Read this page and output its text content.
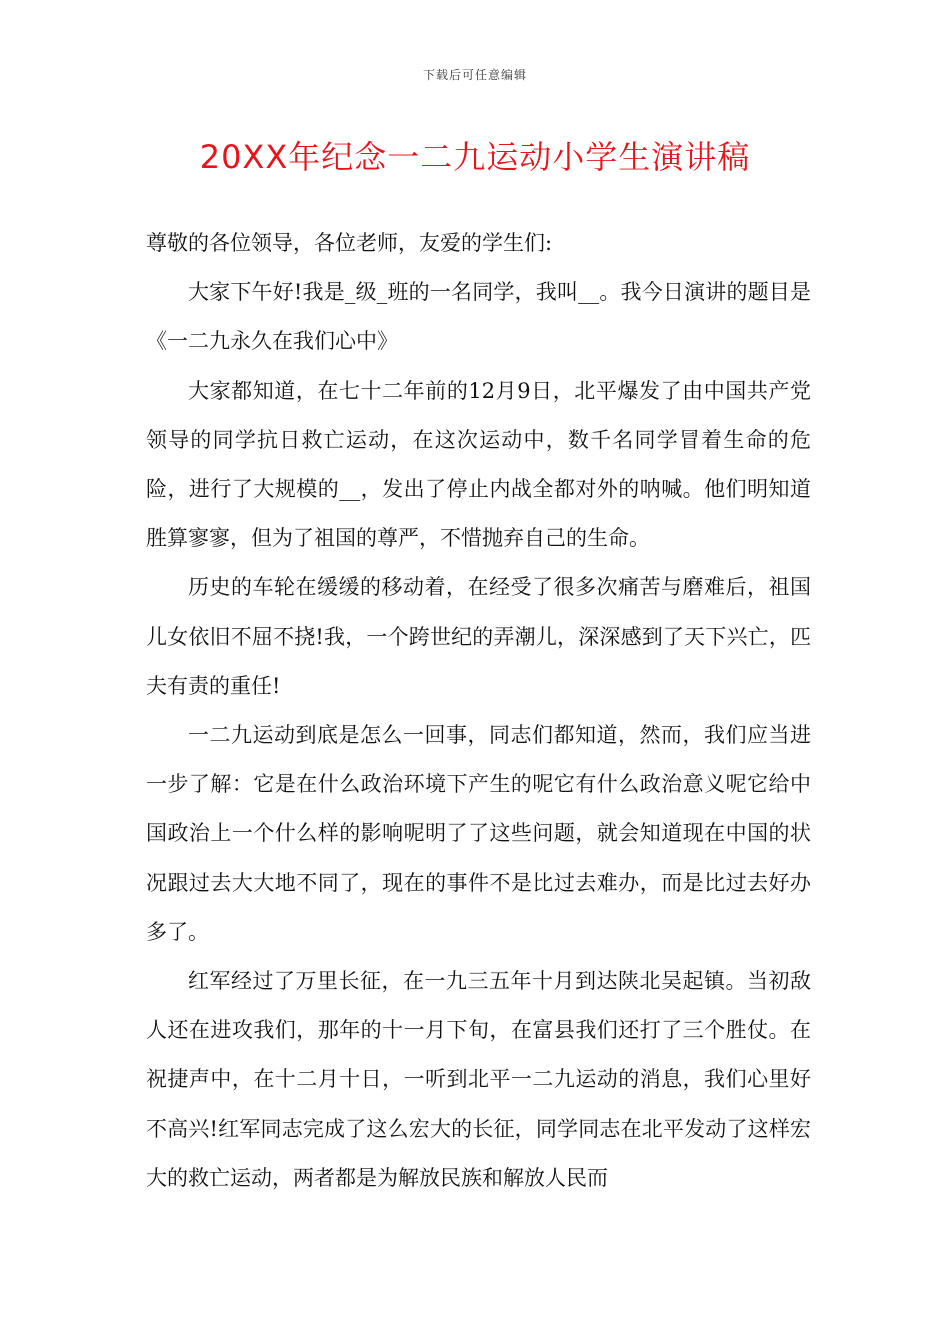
下载后可任意编辑
20XX年纪念一二九运动小学生演讲稿

尊敬的各位领导，各位老师，友爱的学生们:

大家下午好!我是_级_班的一名同学，我叫__。我今日演讲的题目是《一二九永久在我们心中》

大家都知道，在七十二年前的12月9日，北平爆发了由中国共产党领导的同学抗日救亡运动，在这次运动中，数千名同学冒着生命的危险，进行了大规模的__，发出了停止内战全都对外的呐喊。他们明知道胜算寥寥，但为了祖国的尊严，不惜抛弃自己的生命。

历史的车轮在缓缓的移动着，在经受了很多次痛苦与磨难后，祖国儿女依旧不屈不挠!我，一个跨世纪的弄潮儿，深深感到了天下兴亡，匹夫有责的重任!

一二九运动到底是怎么一回事，同志们都知道，然而，我们应当进一步了解：它是在什么政治环境下产生的呢它有什么政治意义呢它给中国政治上一个什么样的影响呢明了了这些问题，就会知道现在中国的状况跟过去大大地不同了，现在的事件不是比过去难办，而是比过去好办多了。

红军经过了万里长征，在一九三五年十月到达陕北吴起镇。当初敌人还在进攻我们，那年的十一月下旬，在富县我们还打了三个胜仗。在祝捷声中，在十二月十日，一听到北平一二九运动的消息，我们心里好不高兴!红军同志完成了这么宏大的长征，同学同志在北平发动了这样宏大的救亡运动，两者都是为解放民族和解放人民而
